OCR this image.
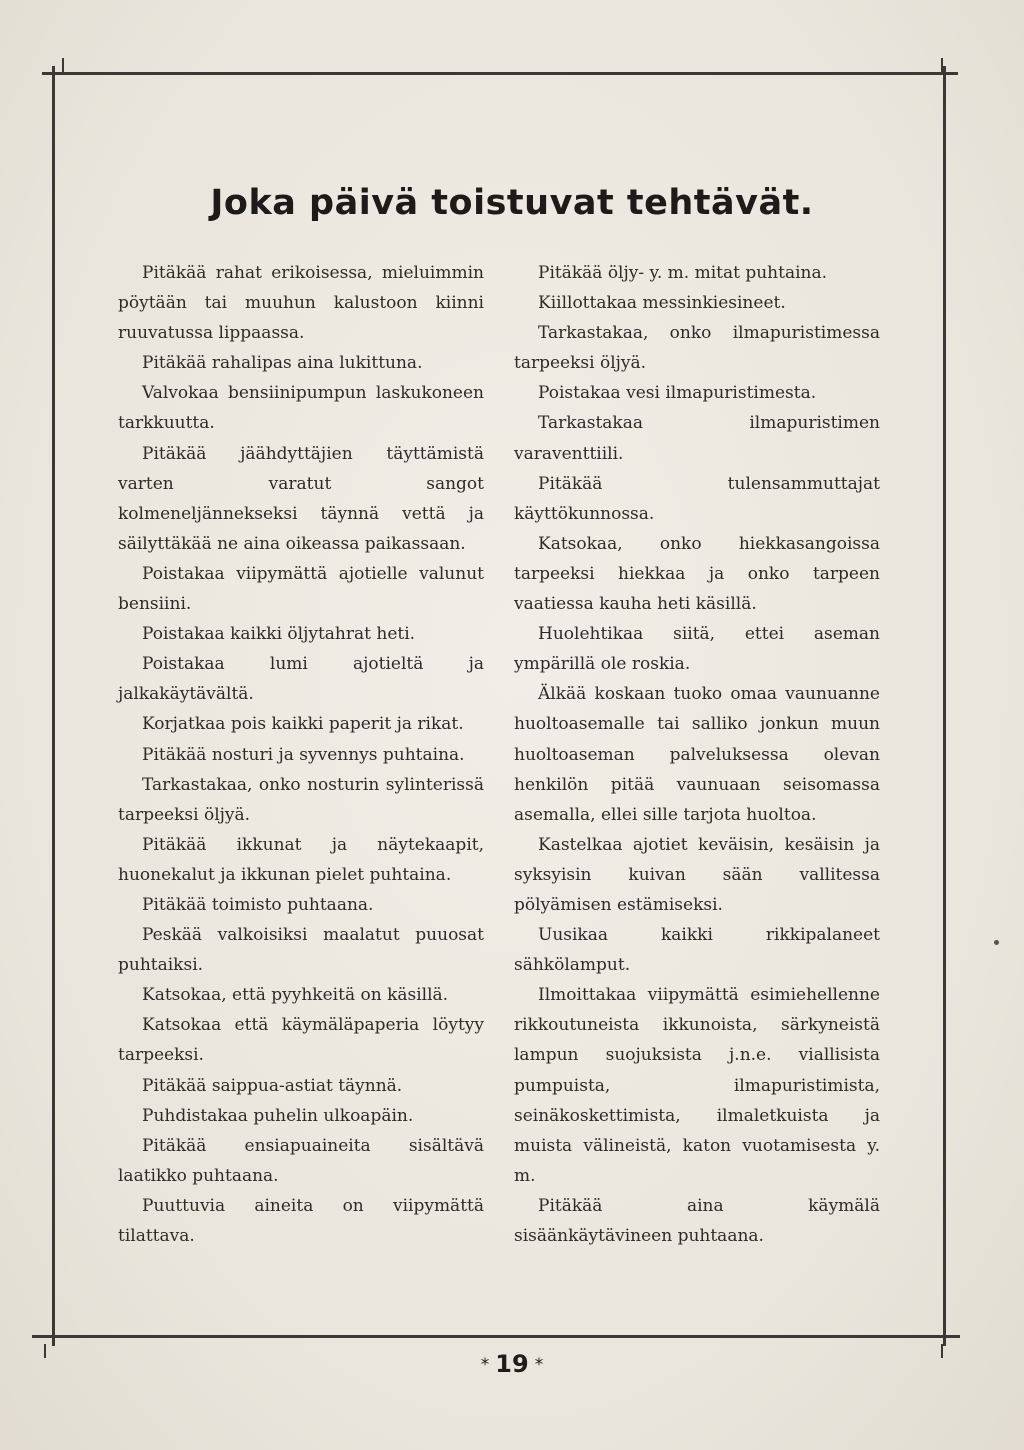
Joka päivä toistuvat tehtävät.

Pitäkää rahat erikoisessa, mieluimmin pöytään tai muuhun kalustoon kiinni ruuvatussa lippaassa.

Pitäkää rahalipas aina lukittuna.

Valvokaa bensiinipumpun laskukoneen tarkkuutta.

Pitäkää jäähdyttäjien täyttämistä varten varatut sangot kolmeneljännekseksi täynnä vettä ja säilyttäkää ne aina oikeassa paikassaan.

Poistakaa viipymättä ajotielle valunut bensiini.

Poistakaa kaikki öljytahrat heti.

Poistakaa lumi ajotieltä ja jalkakäytävältä.

Korjatkaa pois kaikki paperit ja rikat.

Pitäkää nosturi ja syvennys puhtaina.

Tarkastakaa, onko nosturin sylinterissä tarpeeksi öljyä.

Pitäkää ikkunat ja näytekaapit, huonekalut ja ikkunan pielet puhtaina.

Pitäkää toimisto puhtaana.

Peskää valkoisiksi maalatut puuosat puhtaiksi.

Katsokaa, että pyyhkeitä on käsillä.

Katsokaa että käymäläpaperia löytyy tarpeeksi.

Pitäkää saippua-astiat täynnä.

Puhdistakaa puhelin ulkoapäin.

Pitäkää ensiapuaineita sisältävä laatikko puhtaana.

Puuttuvia aineita on viipymättä tilattava.

Pitäkää öljy- y. m. mitat puhtaina.

Kiillottakaa messinkiesineet.

Tarkastakaa, onko ilmapuristimessa tarpeeksi öljyä.

Poistakaa vesi ilmapuristimesta.

Tarkastakaa ilmapuristimen varaventtiili.

Pitäkää tulensammuttajat käyttökunnossa.

Katsokaa, onko hiekkasangoissa tarpeeksi hiekkaa ja onko tarpeen vaatiessa kauha heti käsillä.

Huolehtikaa siitä, ettei aseman ympärillä ole roskia.

Älkää koskaan tuoko omaa vaunuanne huoltoasemalle tai salliko jonkun muun huoltoaseman palveluksessa olevan henkilön pitää vaunuaan seisomassa asemalla, ellei sille tarjota huoltoa.

Kastelkaa ajotiet keväisin, kesäisin ja syksyisin kuivan sään vallitessa pölyämisen estämiseksi.

Uusikaa kaikki rikkipalaneet sähkölamput.

Ilmoittakaa viipymättä esimiehellenne rikkoutuneista ikkunoista, särkyneistä lampun suojuksista j.n.e. viallisista pumpuista, ilmapuristimista, seinäkoskettimista, ilmaletkuista ja muista välineistä, katon vuotamisesta y. m.

Pitäkää aina käymälä sisäänkäytävineen puhtaana.

* 19 *
